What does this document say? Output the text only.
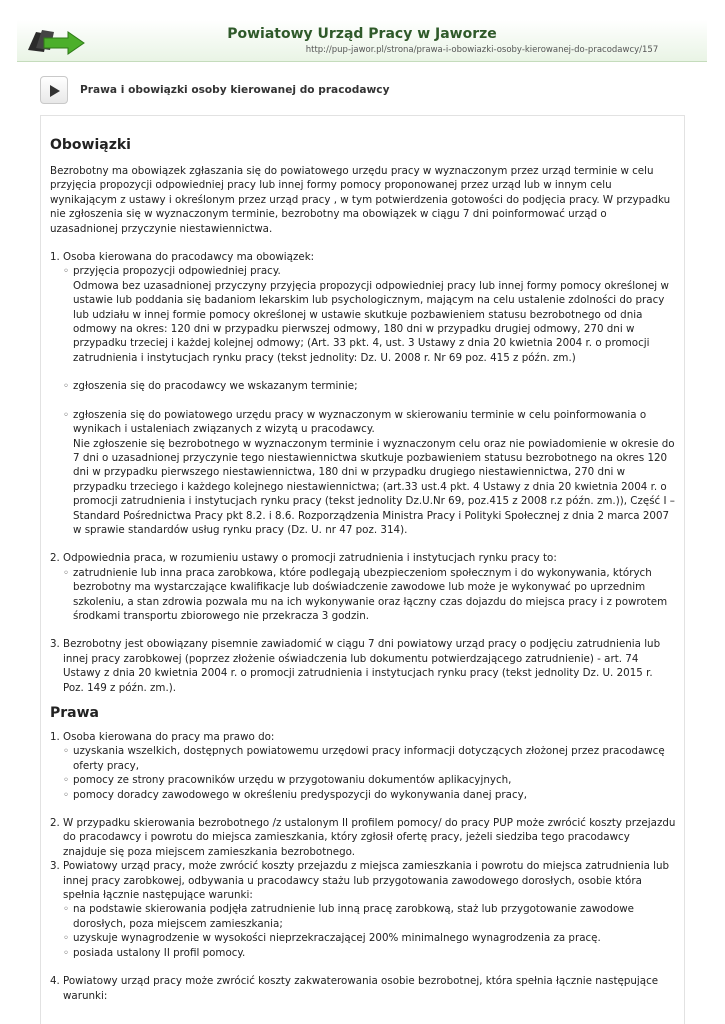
Powiatowy Urząd Pracy w Jaworze
http://pup-jawor.pl/strona/prawa-i-obowiazki-osoby-kierowanej-do-pracodawcy/157
Prawa i obowiązki osoby kierowanej do pracodawcy
Obowiązki

Bezrobotny ma obowiązek zgłaszania się do powiatowego urzędu pracy w wyznaczonym przez urząd terminie w celu przyjęcia propozycji odpowiedniej pracy lub innej formy pomocy proponowanej przez urząd lub w innym celu wynikającym z ustawy i określonym przez urząd pracy , w tym potwierdzenia gotowości do podjęcia pracy. W przypadku nie zgłoszenia się w wyznaczonym terminie, bezrobotny ma obowiązek w ciągu 7 dni poinformować urząd o uzasadnionej przyczynie niestawiennictwa.

1. Osoba kierowana do pracodawcy ma obowiązek:
◦ przyjęcia propozycji odpowiedniej pracy.
Odmowa bez uzasadnionej przyczyny przyjęcia propozycji odpowiedniej pracy lub innej formy pomocy określonej w ustawie lub poddania się badaniom lekarskim lub psychologicznym, mającym na celu ustalenie zdolności do pracy lub udziału w innej formie pomocy określonej w ustawie skutkuje pozbawieniem statusu bezrobotnego od dnia odmowy na okres: 120 dni w przypadku pierwszej odmowy, 180 dni w przypadku drugiej odmowy, 270 dni w przypadku trzeciej i każdej kolejnej odmowy; (Art. 33 pkt. 4, ust. 3 Ustawy z dnia 20 kwietnia 2004 r. o promocji zatrudnienia i instytucjach rynku pracy (tekst jednolity: Dz. U. 2008 r. Nr 69 poz. 415 z późn. zm.)
◦ zgłoszenia się do pracodawcy we wskazanym terminie;
◦ zgłoszenia się do powiatowego urzędu pracy w wyznaczonym w skierowaniu terminie w celu poinformowania o wynikach i ustaleniach związanych z wizytą u pracodawcy.
Nie zgłoszenie się bezrobotnego w wyznaczonym terminie i wyznaczonym celu oraz nie powiadomienie w okresie do 7 dni o uzasadnionej przyczynie tego niestawiennictwa skutkuje pozbawieniem statusu bezrobotnego na okres 120 dni w przypadku pierwszego niestawiennictwa, 180 dni w przypadku drugiego niestawiennictwa, 270 dni w przypadku trzeciego i każdego kolejnego niestawiennictwa; (art.33 ust.4 pkt. 4 Ustawy z dnia 20 kwietnia 2004 r. o promocji zatrudnienia i instytucjach rynku pracy (tekst jednolity Dz.U.Nr 69, poz.415 z 2008 r.z późn. zm.)), Część I – Standard Pośrednictwa Pracy pkt 8.2. i 8.6. Rozporządzenia Ministra Pracy i Polityki Społecznej z dnia 2 marca 2007 w sprawie standardów usług rynku pracy (Dz. U. nr 47 poz. 314).
2. Odpowiednia praca, w rozumieniu ustawy o promocji zatrudnienia i instytucjach rynku pracy to:
◦ zatrudnienie lub inna praca zarobkowa, które podlegają ubezpieczeniom społecznym i do wykonywania, których bezrobotny ma wystarczające kwalifikacje lub doświadczenie zawodowe lub może je wykonywać po uprzednim szkoleniu, a stan zdrowia pozwala mu na ich wykonywanie oraz łączny czas dojazdu do miejsca pracy i z powrotem środkami transportu zbiorowego nie przekracza 3 godzin.
3. Bezrobotny jest obowiązany pisemnie zawiadomić w ciągu 7 dni powiatowy urząd pracy o podjęciu zatrudnienia lub innej pracy zarobkowej (poprzez złożenie oświadczenia lub dokumentu potwierdzającego zatrudnienie) - art. 74 Ustawy z dnia 20 kwietnia 2004 r. o promocji zatrudnienia i instytucjach rynku pracy (tekst jednolity Dz. U. 2015 r. Poz. 149 z późn. zm.).
Prawa
1. Osoba kierowana do pracy ma prawo do:
◦ uzyskania wszelkich, dostępnych powiatowemu urzędowi pracy informacji dotyczących złożonej przez pracodawcę oferty pracy,
◦ pomocy ze strony pracowników urzędu w przygotowaniu dokumentów aplikacyjnych,
◦ pomocy doradcy zawodowego w określeniu predyspozycji do wykonywania danej pracy,
2. W przypadku skierowania bezrobotnego /z ustalonym II profilem pomocy/ do pracy PUP może zwrócić koszty przejazdu do pracodawcy i powrotu do miejsca zamieszkania, który zgłosił ofertę pracy, jeżeli siedziba tego pracodawcy znajduje się poza miejscem zamieszkania bezrobotnego.
3. Powiatowy urząd pracy, może zwrócić koszty przejazdu z miejsca zamieszkania i powrotu do miejsca zatrudnienia lub innej pracy zarobkowej, odbywania u pracodawcy stażu lub przygotowania zawodowego dorosłych, osobie która spełnia łącznie następujące warunki:
◦ na podstawie skierowania podjęła zatrudnienie lub inną pracę zarobkową, staż lub przygotowanie zawodowe dorosłych, poza miejscem zamieszkania;
◦ uzyskuje wynagrodzenie w wysokości nieprzekraczającej 200% minimalnego wynagrodzenia za pracę.
◦ posiada ustalony II profil pomocy.
4. Powiatowy urząd pracy może zwrócić koszty zakwaterowania osobie bezrobotnej, która spełnia łącznie następujące warunki:
